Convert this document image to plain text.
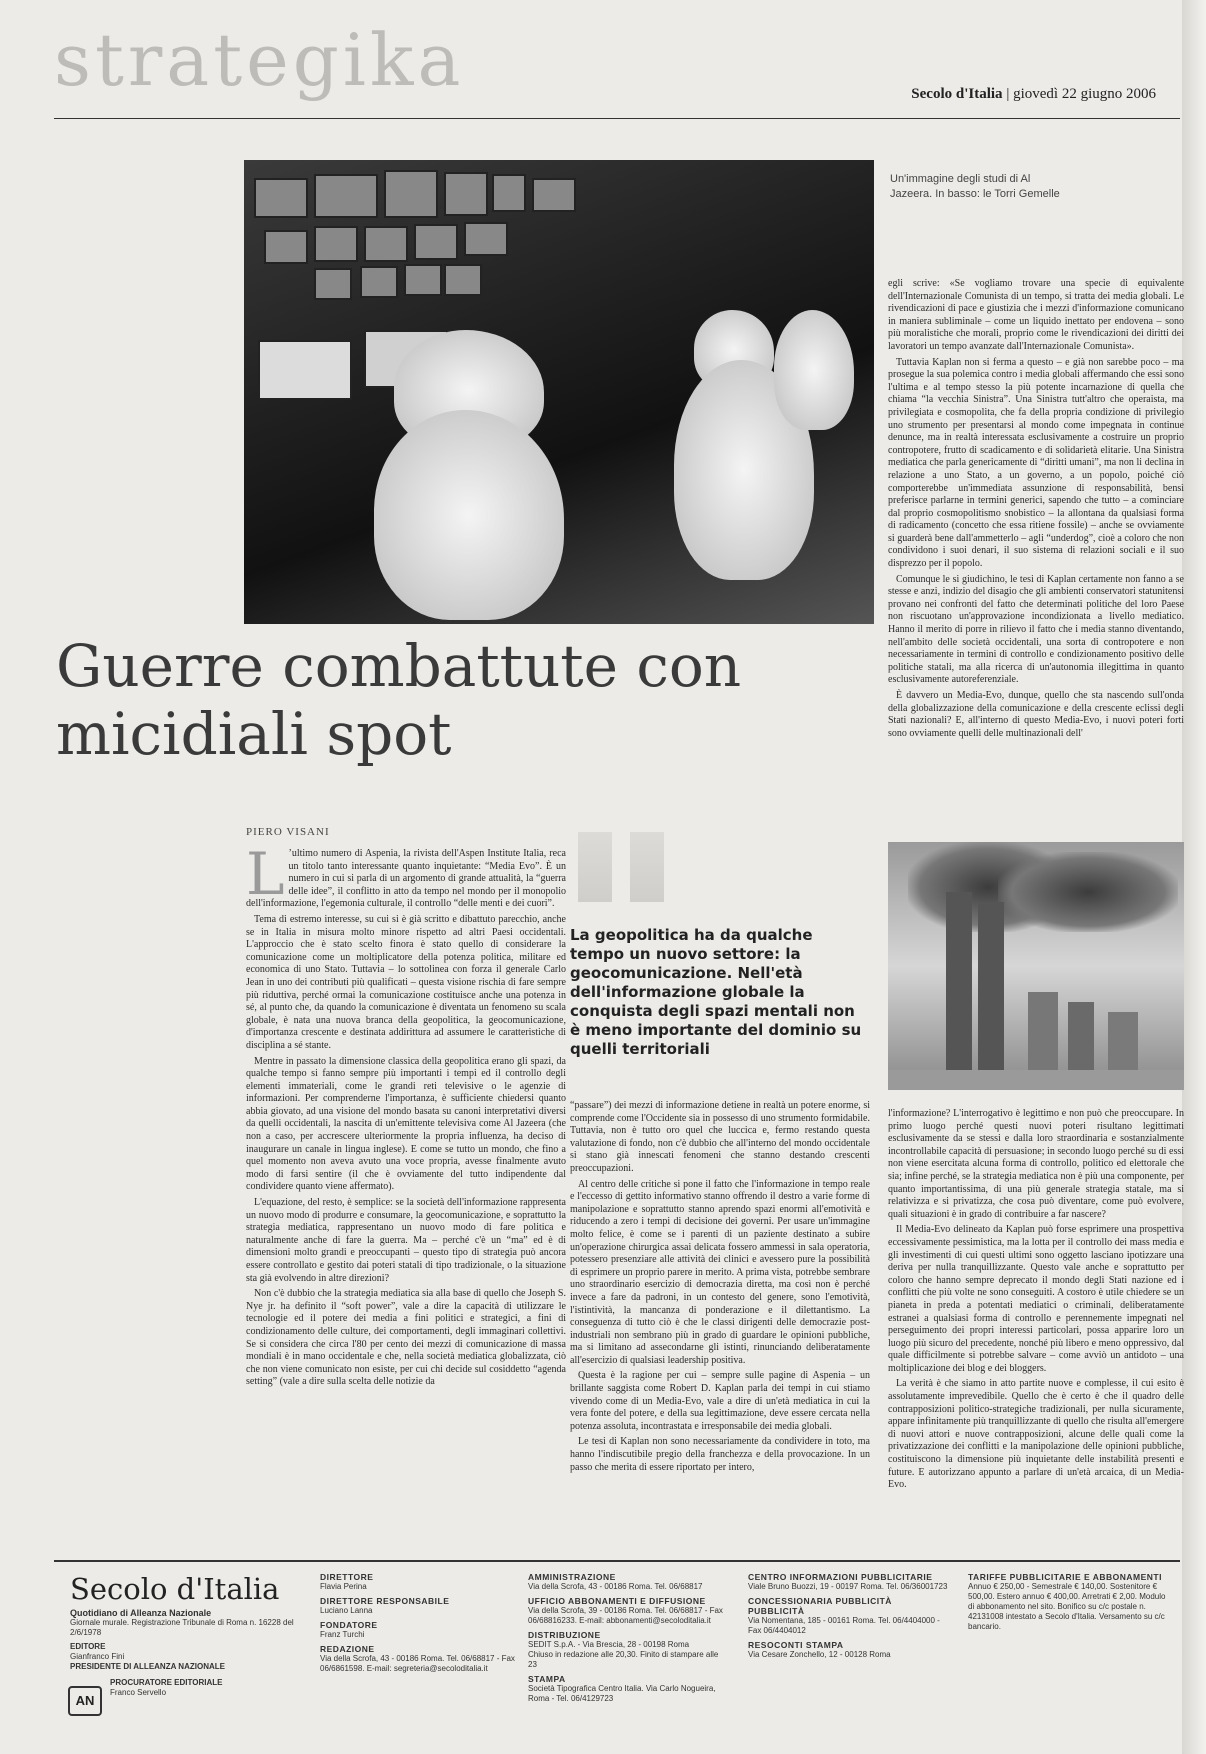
strategika	Secolo d'Italia | giovedì 22 giugno 2006
Un'immagine degli studi di Al Jazeera. In basso: le Torri Gemelle
Guerre combattute con micidiali spot
PIERO VISANI
L ’ultimo numero di Aspenia, la rivista dell'Aspen Institute Italia, reca un titolo tanto interessante quanto inquietante: “Media Evo”. È un numero in cui si parla di un argomento di grande attualità, la “guerra delle idee”, il conflitto in atto da tempo nel mondo per il monopolio dell'informazione, l'egemonia culturale, il controllo “delle menti e dei cuori”.

Tema di estremo interesse, su cui si è già scritto e dibattuto parecchio, anche se in Italia in misura molto minore rispetto ad altri Paesi occidentali. L'approccio che è stato scelto finora è stato quello di considerare la comunicazione come un moltiplicatore della potenza politica, militare ed economica di uno Stato. Tuttavia – lo sottolinea con forza il generale Carlo Jean in uno dei contributi più qualificati – questa visione rischia di fare sempre più riduttiva, perché ormai la comunicazione costituisce anche una potenza in sé, al punto che, da quando la comunicazione è diventata un fenomeno su scala globale, è nata una nuova branca della geopolitica, la geocomunicazione, d'importanza crescente e destinata addirittura ad assumere le caratteristiche di disciplina a sé stante.

Mentre in passato la dimensione classica della geopolitica erano gli spazi, da qualche tempo si fanno sempre più importanti i tempi ed il controllo degli elementi immateriali, come le grandi reti televisive o le agenzie di informazioni. Per comprenderne l'importanza, è sufficiente chiedersi quanto abbia giovato, ad una visione del mondo basata su canoni interpretativi diversi da quelli occidentali, la nascita di un'emittente televisiva come Al Jazeera (che non a caso, per accrescere ulteriormente la propria influenza, ha deciso di inaugurare un canale in lingua inglese). E come se tutto un mondo, che fino a quel momento non aveva avuto una voce propria, avesse finalmente avuto modo di farsi sentire (il che è ovviamente del tutto indipendente dal condividere quanto viene affermato).

L'equazione, del resto, è semplice: se la società dell'informazione rappresenta un nuovo modo di produrre e consumare, la geocomunicazione, e soprattutto la strategia mediatica, rappresentano un nuovo modo di fare politica e naturalmente anche di fare la guerra. Ma – perché c'è un “ma” ed è di dimensioni molto grandi e preoccupanti – questo tipo di strategia può ancora essere controllato e gestito dai poteri statali di tipo tradizionale, o la situazione sta già evolvendo in altre direzioni?

Non c'è dubbio che la strategia mediatica sia alla base di quello che Joseph S. Nye jr. ha definito il “soft power”, vale a dire la capacità di utilizzare le tecnologie ed il potere dei media a fini politici e strategici, a fini di condizionamento delle culture, dei comportamenti, degli immaginari collettivi. Se si considera che circa l'80 per cento dei mezzi di comunicazione di massa mondiali è in mano occidentale e che, nella società mediatica globalizzata, ciò che non viene comunicato non esiste, per cui chi decide sul cosiddetto “agenda setting” (vale a dire sulla scelta delle notizie da

La geopolitica ha da qualche tempo un nuovo settore: la geocomunicazione. Nell'età dell'informazione globale la conquista degli spazi mentali non è meno importante del dominio su quelli territoriali

“passare”) dei mezzi di informazione detiene in realtà un potere enorme, si comprende come l'Occidente sia in possesso di uno strumento formidabile. Tuttavia, non è tutto oro quel che luccica e, fermo restando questa valutazione di fondo, non c'è dubbio che all'interno del mondo occidentale si stano già innescati fenomeni che stanno destando crescenti preoccupazioni.

Al centro delle critiche si pone il fatto che l'informazione in tempo reale e l'eccesso di gettito informativo stanno offrendo il destro a varie forme di manipolazione e soprattutto stanno aprendo spazi enormi all'emotività e riducendo a zero i tempi di decisione dei governi. Per usare un'immagine molto felice, è come se i parenti di un paziente destinato a subire un'operazione chirurgica assai delicata fossero ammessi in sala operatoria, potessero presenziare alle attività dei clinici e avessero pure la possibilità di esprimere un proprio parere in merito. A prima vista, potrebbe sembrare uno straordinario esercizio di democrazia diretta, ma così non è perché invece a fare da padroni, in un contesto del genere, sono l'emotività, l'istintività, la mancanza di ponderazione e il dilettantismo. La conseguenza di tutto ciò è che le classi dirigenti delle democrazie post-industriali non sembrano più in grado di guardare le opinioni pubbliche, ma si limitano ad assecondarne gli istinti, rinunciando deliberatamente all'esercizio di qualsiasi leadership positiva.

Questa è la ragione per cui – sempre sulle pagine di Aspenia – un brillante saggista come Robert D. Kaplan parla dei tempi in cui stiamo vivendo come di un Media-Evo, vale a dire di un'età mediatica in cui la vera fonte del potere, e della sua legittimazione, deve essere cercata nella potenza assoluta, incontrastata e irresponsabile dei media globali.

Le tesi di Kaplan non sono necessariamente da condividere in toto, ma hanno l'indiscutibile pregio della franchezza e della provocazione. In un passo che merita di essere riportato per intero,

egli scrive: «Se vogliamo trovare una specie di equivalente dell'Internazionale Comunista di un tempo, si tratta dei media globali. Le rivendicazioni di pace e giustizia che i mezzi d'informazione comunicano in maniera subliminale – come un liquido inettato per endovena – sono più moralistiche che morali, proprio come le rivendicazioni dei diritti dei lavoratori un tempo avanzate dall'Internazionale Comunista».

Tuttavia Kaplan non si ferma a questo – e già non sarebbe poco – ma prosegue la sua polemica contro i media globali affermando che essi sono l'ultima e al tempo stesso la più potente incarnazione di quella che chiama “la vecchia Sinistra”. Una Sinistra tutt'altro che operaista, ma privilegiata e cosmopolita, che fa della propria condizione di privilegio uno strumento per presentarsi al mondo come impegnata in continue denunce, ma in realtà interessata esclusivamente a costruire un proprio contropotere, frutto di scadicamento e di solidarietà elitarie. Una Sinistra mediatica che parla genericamente di “diritti umani”, ma non li declina in relazione a uno Stato, a un governo, a un popolo, poiché ciò comporterebbe un'immediata assunzione di responsabilità, bensì preferisce parlarne in termini generici, sapendo che tutto – a cominciare dal proprio cosmopolitismo snobistico – la allontana da qualsiasi forma di radicamento (concetto che essa ritiene fossile) – anche se ovviamente si guarderà bene dall'ammetterlo – agli “underdog”, cioè a coloro che non condividono i suoi denari, il suo sistema di relazioni sociali e il suo disprezzo per il popolo.

Comunque le si giudichino, le tesi di Kaplan certamente non fanno a se stesse e anzi, indizio del disagio che gli ambienti conservatori statunitensi provano nei confronti del fatto che determinati politiche del loro Paese non riscuotano un'approvazione incondizionata a livello mediatico. Hanno il merito di porre in rilievo il fatto che i media stanno diventando, nell'ambito delle società occidentali, una sorta di contropotere e non necessariamente in termini di controllo e condizionamento positivo delle politiche statali, ma alla ricerca di un'autonomia illegittima in quanto esclusivamente autoreferenziale.

È davvero un Media-Evo, dunque, quello che sta nascendo sull'onda della globalizzazione della comunicazione e della crescente eclissi degli Stati nazionali? E, all'interno di questo Media-Evo, i nuovi poteri forti sono ovviamente quelli delle multinazionali dell'

l'informazione? L'interrogativo è legittimo e non può che preoccupare. In primo luogo perché questi nuovi poteri risultano legittimati esclusivamente da se stessi e dalla loro straordinaria e sostanzialmente incontrollabile capacità di persuasione; in secondo luogo perché su di essi non viene esercitata alcuna forma di controllo, politico ed elettorale che sia; infine perché, se la strategia mediatica non è più una componente, per quanto importantissima, di una più generale strategia statale, ma si relativizza e si privatizza, che cosa può diventare, come può evolvere, quali situazioni è in grado di contribuire a far nascere?

Il Media-Evo delineato da Kaplan può forse esprimere una prospettiva eccessivamente pessimistica, ma la lotta per il controllo dei mass media e gli investimenti di cui questi ultimi sono oggetto lasciano ipotizzare una deriva per nulla tranquillizzante. Questo vale anche e soprattutto per coloro che hanno sempre deprecato il mondo degli Stati nazione ed i conflitti che più volte ne sono conseguiti. A costoro è utile chiedere se un pianeta in preda a potentati mediatici o criminali, deliberatamente estranei a qualsiasi forma di controllo e perennemente impegnati nel perseguimento dei propri interessi particolari, possa apparire loro un luogo più sicuro del precedente, nonché più libero e meno oppressivo, dal quale difficilmente si potrebbe salvare – come avviò un antidoto – una moltiplicazione dei blog e dei bloggers.

La verità è che siamo in atto partite nuove e complesse, il cui esito è assolutamente imprevedibile. Quello che è certo è che il quadro delle contrapposizioni politico-strategiche tradizionali, per nulla sicuramente, appare infinitamente più tranquillizzante di quello che risulta all'emergere di nuovi attori e nuove contrapposizioni, alcune delle quali come la privatizzazione dei conflitti e la manipolazione delle opinioni pubbliche, costituiscono la dimensione più inquietante delle instabilità presenti e future. E autorizzano appunto a parlare di un'età arcaica, di un Media-Evo.

Secolo d'Italia
Quotidiano di Alleanza Nazionale
Giornale murale. Registrazione Tribunale di Roma n. 16228 del 2/6/1978
EDITORE
Gianfranco Fini
PRESIDENTE DI ALLEANZA NAZIONALE
PROCURATORE EDITORIALE
Franco Servello
AN
DIRETTORE
Flavia Perina
DIRETTORE RESPONSABILE
Luciano Lanna
FONDATORE
Franz Turchi
REDAZIONE
Via della Scrofa, 43 - 00186 Roma. Tel. 06/68817 - Fax 06/6861598. E-mail: segreteria@secoloditalia.it
AMMINISTRAZIONE
Via della Scrofa, 43 - 00186 Roma. Tel. 06/68817
UFFICIO ABBONAMENTI E DIFFUSIONE
Via della Scrofa, 39 - 00186 Roma. Tel. 06/68817 - Fax 06/68816233. E-mail: abbonamenti@secoloditalia.it
DISTRIBUZIONE
SEDIT S.p.A. - Via Brescia, 28 - 00198 Roma
Chiuso in redazione alle 20,30. Finito di stampare alle 23
STAMPA
Società Tipografica Centro Italia. Via Carlo Nogueira, Roma - Tel. 06/4129723
CENTRO INFORMAZIONI PUBBLICITARIE
Viale Bruno Buozzi, 19 - 00197 Roma. Tel. 06/36001723
CONCESSIONARIA PUBBLICITÀ PUBBLICITÀ
Via Nomentana, 185 - 00161 Roma. Tel. 06/4404000 - Fax 06/4404012
RESOCONTI STAMPA
Via Cesare Zonchello, 12 - 00128 Roma
TARIFFE PUBBLICITARIE E ABBONAMENTI
Annuo € 250,00 - Semestrale € 140,00. Sostenitore € 500,00. Estero annuo € 400,00. Arretrati € 2,00. Modulo di abbonamento nel sito. Bonifico su c/c postale n. 42131008 intestato a Secolo d'Italia. Versamento su c/c bancario.
